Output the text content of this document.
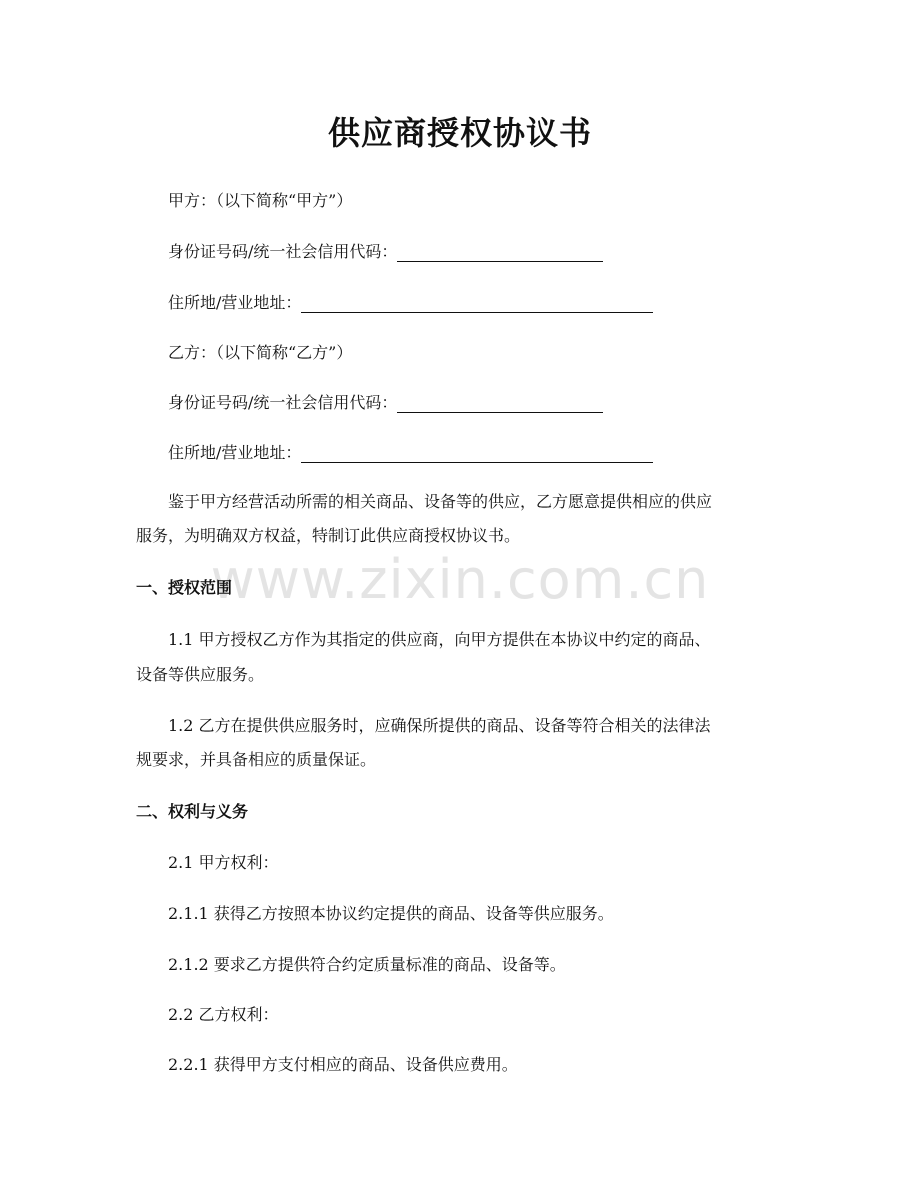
www.zixin.com.cn
供应商授权协议书
甲方：（以下简称“甲方”）
身份证号码/统一社会信用代码：
住所地/营业地址：
乙方：（以下简称“乙方”）
身份证号码/统一社会信用代码：
住所地/营业地址：
鉴于甲方经营活动所需的相关商品、设备等的供应，乙方愿意提供相应的供应
服务，为明确双方权益，特制订此供应商授权协议书。
一、授权范围
1.1 甲方授权乙方作为其指定的供应商，向甲方提供在本协议中约定的商品、
设备等供应服务。
1.2 乙方在提供供应服务时，应确保所提供的商品、设备等符合相关的法律法
规要求，并具备相应的质量保证。
二、权利与义务
2.1 甲方权利：
2.1.1 获得乙方按照本协议约定提供的商品、设备等供应服务。
2.1.2 要求乙方提供符合约定质量标准的商品、设备等。
2.2 乙方权利：
2.2.1 获得甲方支付相应的商品、设备供应费用。
